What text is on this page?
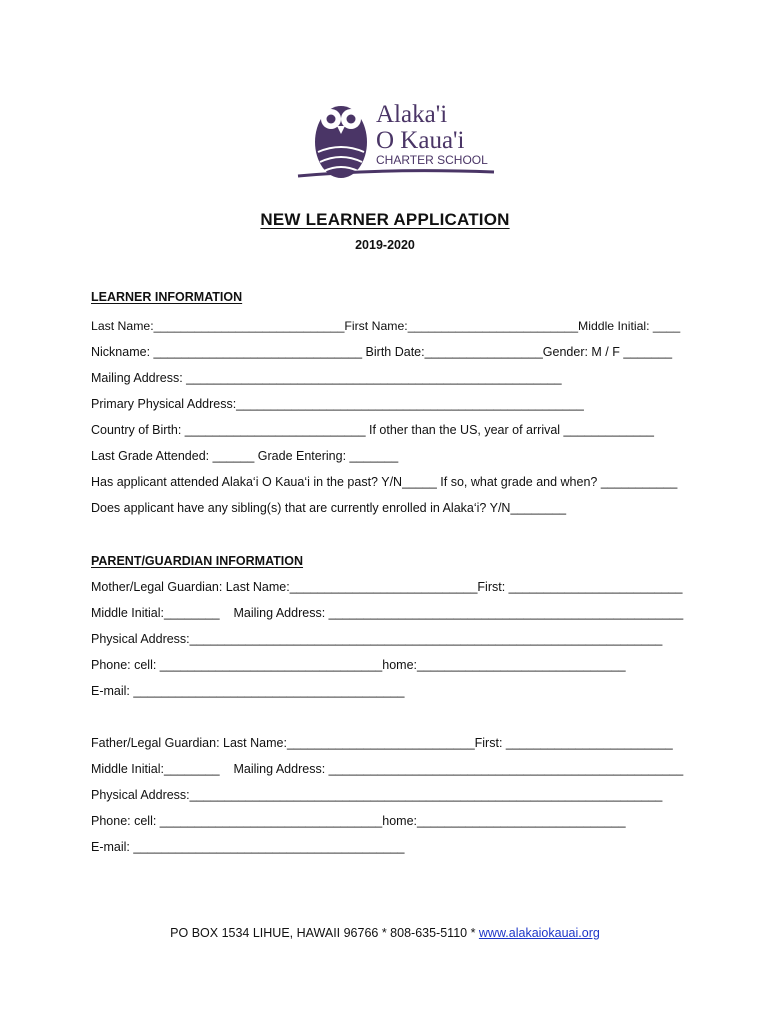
Alaka'i
O Kaua'i
CHARTER SCHOOL
NEW LEARNER APPLICATION
2019-2020
LEARNER INFORMATION
Last Name:____________________________First Name:_________________________Middle Initial: ____
Nickname: ______________________________ Birth Date:_________________Gender: M / F _______
Mailing Address: ______________________________________________________
Primary Physical Address:__________________________________________________
Country of Birth: __________________________ If other than the US, year of arrival _____________
Last Grade Attended: ______ Grade Entering: _______
Has applicant attended Alaka‘i O Kaua‘i in the past? Y/N_____ If so, what grade and when? ___________
Does applicant have any sibling(s) that are currently enrolled in Alaka‘i? Y/N________
PARENT/GUARDIAN INFORMATION
Mother/Legal Guardian: Last Name:___________________________First: _________________________
Middle Initial:________    Mailing Address: ___________________________________________________
Physical Address:____________________________________________________________________
Phone: cell: ________________________________home:______________________________
E-mail: _______________________________________
Father/Legal Guardian: Last Name:___________________________First: ________________________
Middle Initial:________    Mailing Address: ___________________________________________________
Physical Address:____________________________________________________________________
Phone: cell: ________________________________home:______________________________
E-mail: _______________________________________
PO BOX 1534 LIHUE, HAWAII 96766 * 808-635-5110 * www.alakaiokauai.org
